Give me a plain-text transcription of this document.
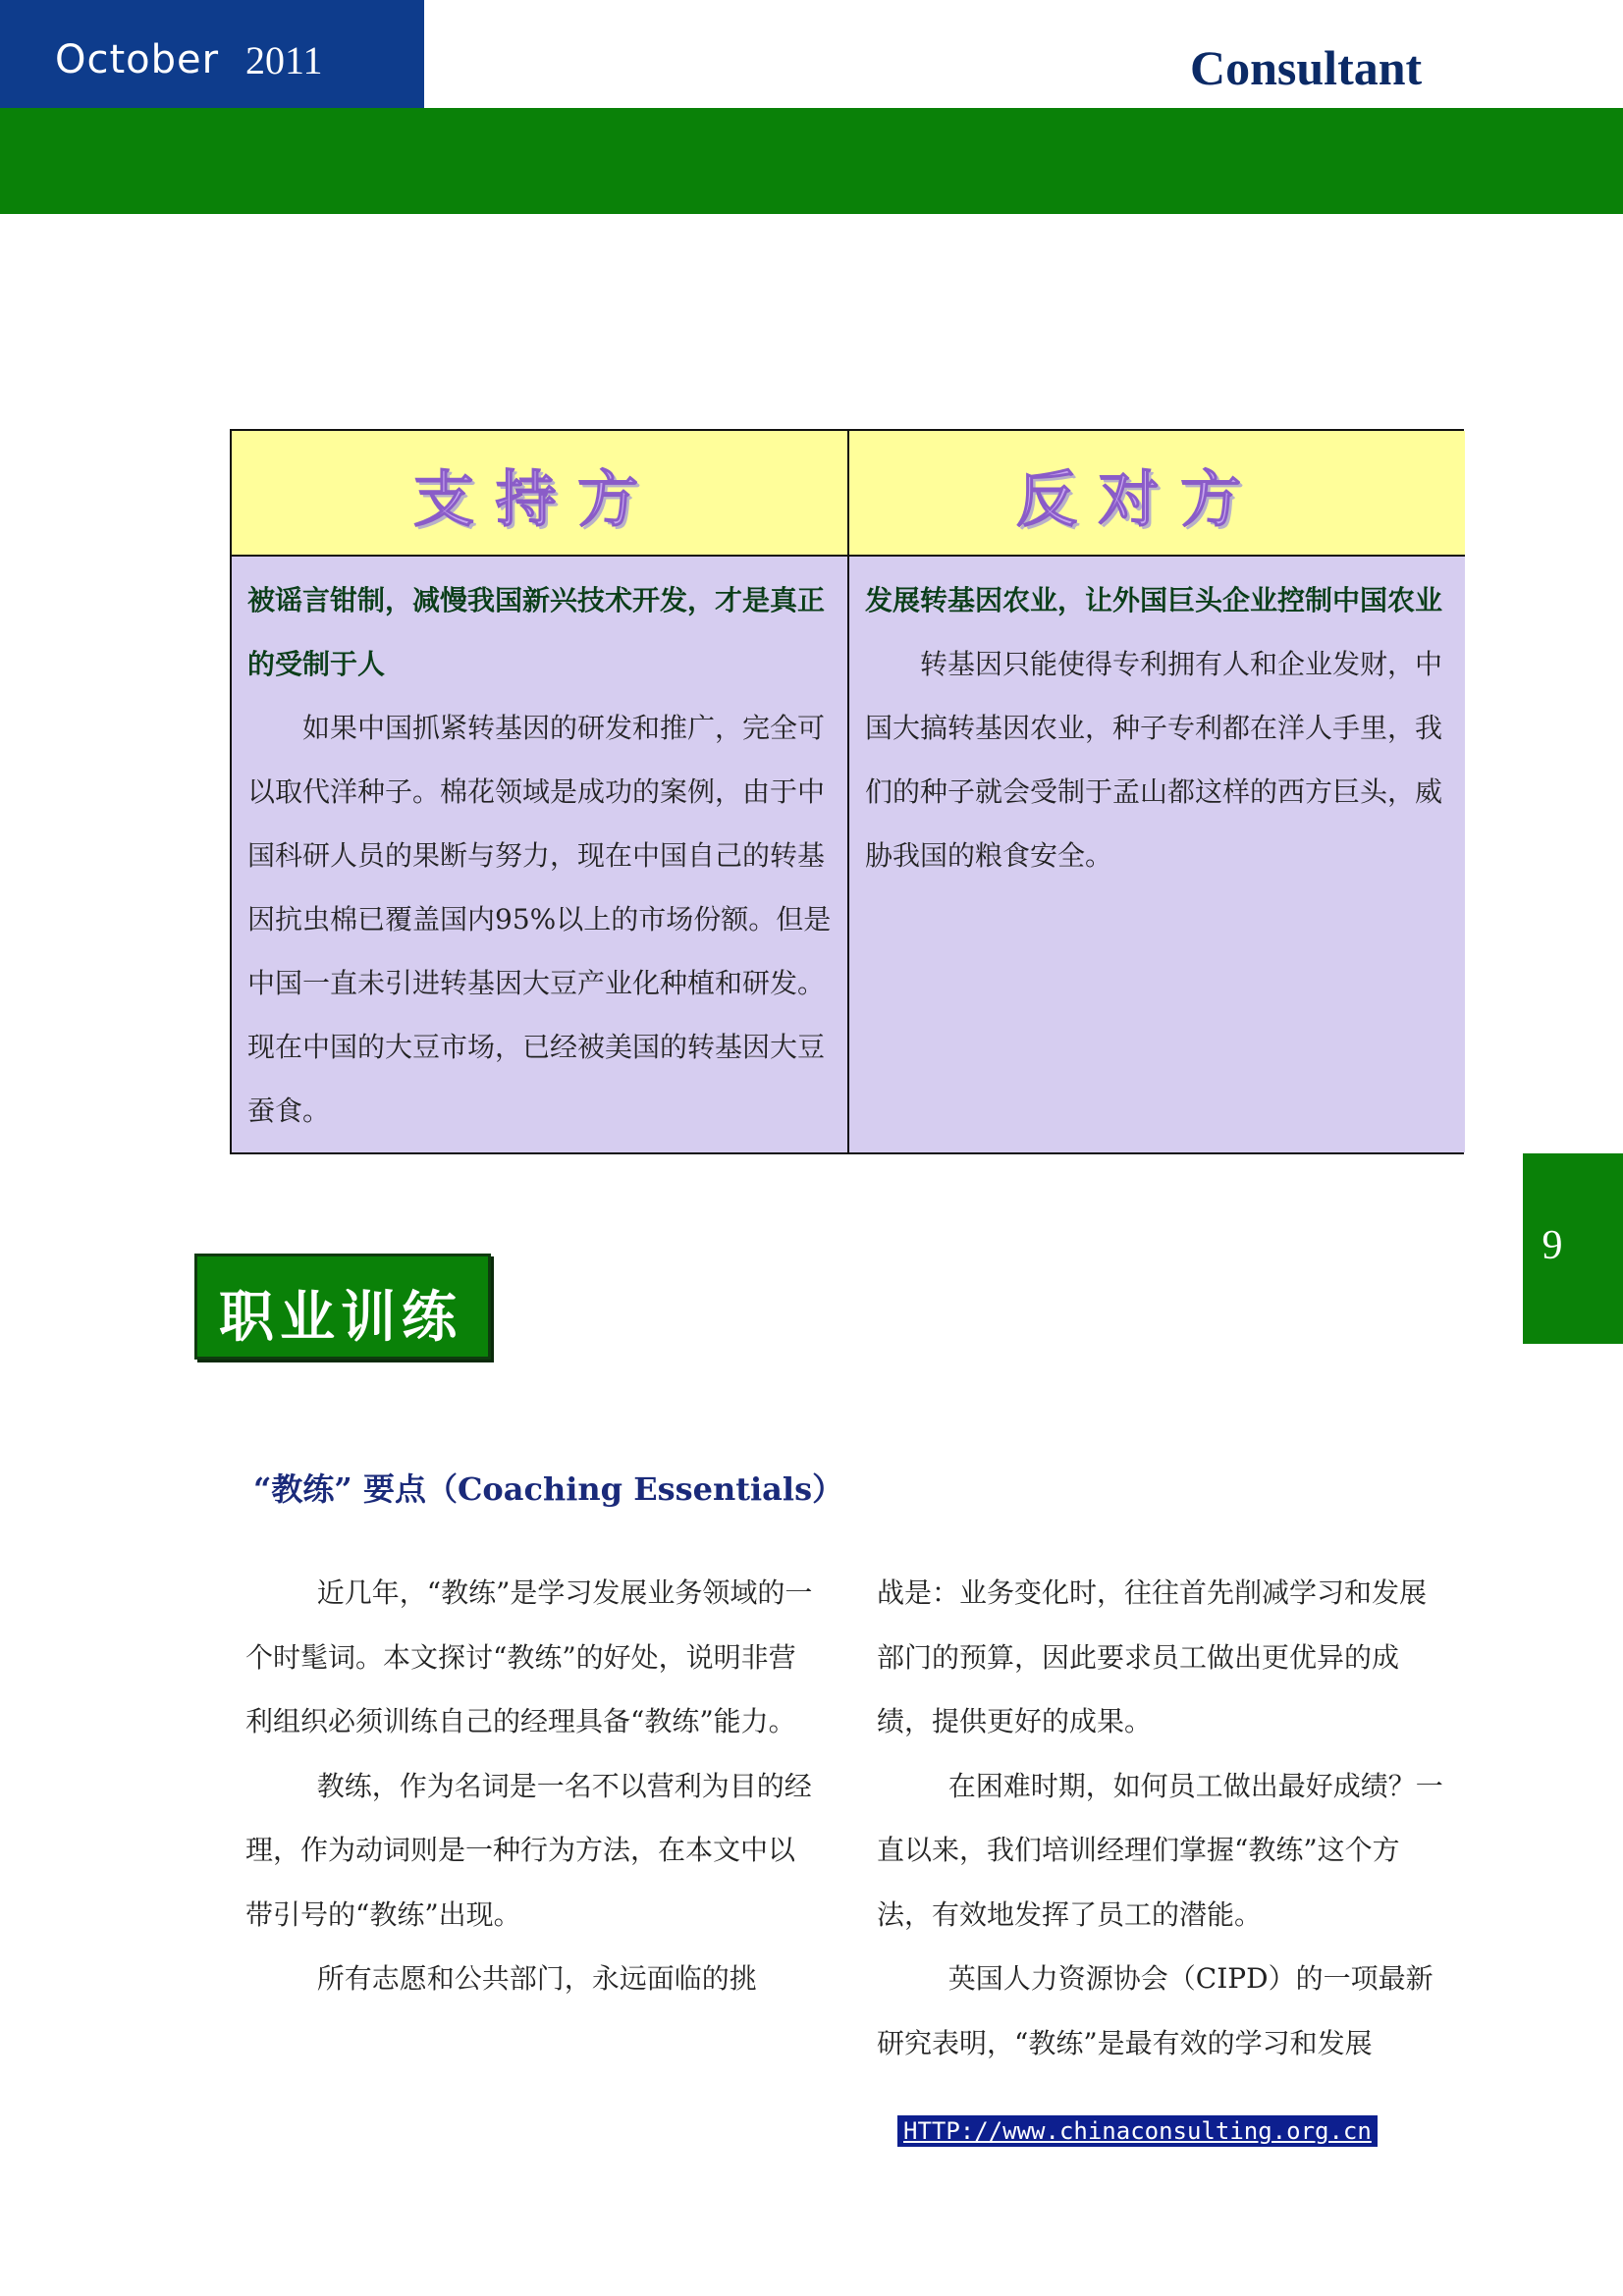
October 2011	Consultant
支 持 方
被谣言钳制，减慢我国新兴技术开发，才是真正的受制于人
如果中国抓紧转基因的研发和推广，完全可以取代洋种子。棉花领域是成功的案例，由于中国科研人员的果断与努力，现在中国自己的转基因抗虫棉已覆盖国内95%以上的市场份额。但是中国一直未引进转基因大豆产业化种植和研发。现在中国的大豆市场，已经被美国的转基因大豆蚕食。
反 对 方
发展转基因农业，让外国巨头企业控制中国农业
转基因只能使得专利拥有人和企业发财，中国大搞转基因农业，种子专利都在洋人手里，我们的种子就会受制于孟山都这样的西方巨头，威胁我国的粮食安全。
9
职业训练
“教练” 要点（Coaching Essentials）

近几年，“教练”是学习发展业务领域的一个时髦词。本文探讨“教练”的好处，说明非营利组织必须训练自己的经理具备“教练”能力。

教练，作为名词是一名不以营利为目的经理，作为动词则是一种行为方法，在本文中以带引号的“教练”出现。

所有志愿和公共部门，永远面临的挑

战是：业务变化时，往往首先削减学习和发展部门的预算，因此要求员工做出更优异的成绩，提供更好的成果。

在困难时期，如何员工做出最好成绩？一直以来，我们培训经理们掌握“教练”这个方法，有效地发挥了员工的潜能。

英国人力资源协会（CIPD）的一项最新研究表明，“教练”是最有效的学习和发展

HTTP://www.chinaconsulting.org.cn
